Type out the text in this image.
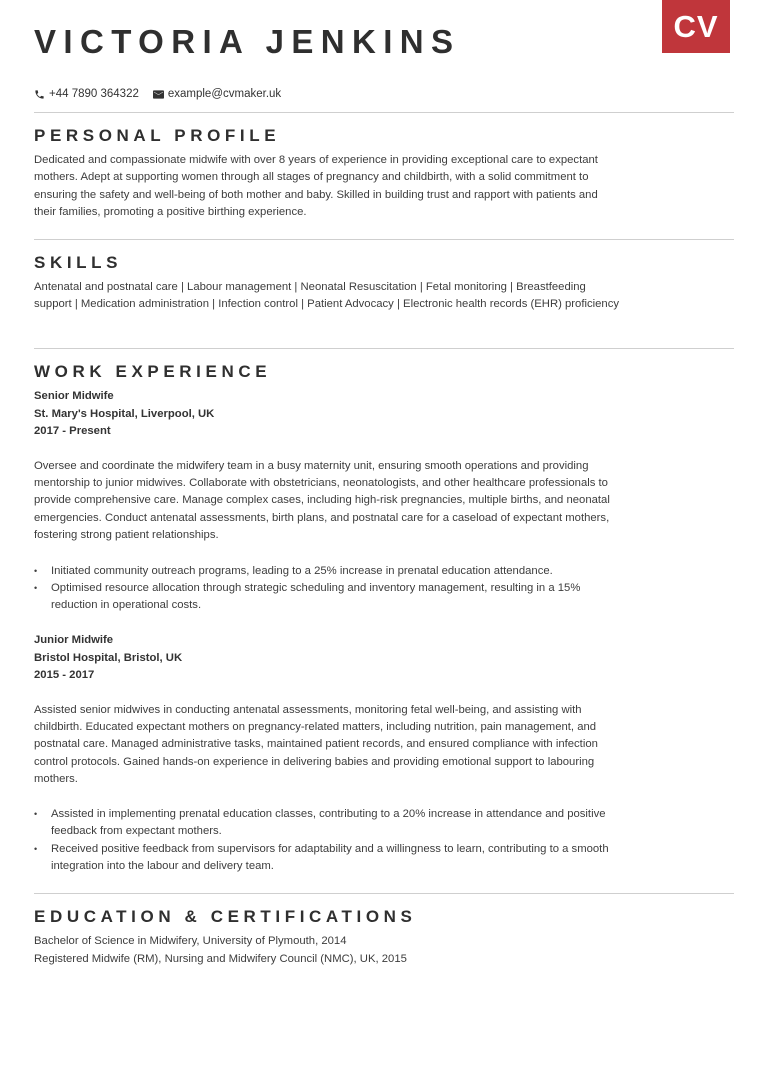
CV
VICTORIA JENKINS
+44 7890 364322	example@cvmaker.uk
PERSONAL PROFILE
Dedicated and compassionate midwife with over 8 years of experience in providing exceptional care to expectant mothers. Adept at supporting women through all stages of pregnancy and childbirth, with a solid commitment to ensuring the safety and well-being of both mother and baby. Skilled in building trust and rapport with patients and their families, promoting a positive birthing experience.
SKILLS
Antenatal and postnatal care | Labour management | Neonatal Resuscitation | Fetal monitoring | Breastfeeding support | Medication administration | Infection control | Patient Advocacy | Electronic health records (EHR) proficiency
WORK EXPERIENCE
Senior Midwife
St. Mary's Hospital, Liverpool, UK
2017 - Present
Oversee and coordinate the midwifery team in a busy maternity unit, ensuring smooth operations and providing mentorship to junior midwives. Collaborate with obstetricians, neonatologists, and other healthcare professionals to provide comprehensive care. Manage complex cases, including high-risk pregnancies, multiple births, and neonatal emergencies. Conduct antenatal assessments, birth plans, and postnatal care for a caseload of expectant mothers, fostering strong patient relationships.
• Initiated community outreach programs, leading to a 25% increase in prenatal education attendance.
• Optimised resource allocation through strategic scheduling and inventory management, resulting in a 15% reduction in operational costs.
Junior Midwife
Bristol Hospital, Bristol, UK
2015 - 2017
Assisted senior midwives in conducting antenatal assessments, monitoring fetal well-being, and assisting with childbirth. Educated expectant mothers on pregnancy-related matters, including nutrition, pain management, and postnatal care. Managed administrative tasks, maintained patient records, and ensured compliance with infection control protocols. Gained hands-on experience in delivering babies and providing emotional support to labouring mothers.
• Assisted in implementing prenatal education classes, contributing to a 20% increase in attendance and positive feedback from expectant mothers.
• Received positive feedback from supervisors for adaptability and a willingness to learn, contributing to a smooth integration into the labour and delivery team.
EDUCATION & CERTIFICATIONS
Bachelor of Science in Midwifery, University of Plymouth, 2014
Registered Midwife (RM), Nursing and Midwifery Council (NMC), UK, 2015
